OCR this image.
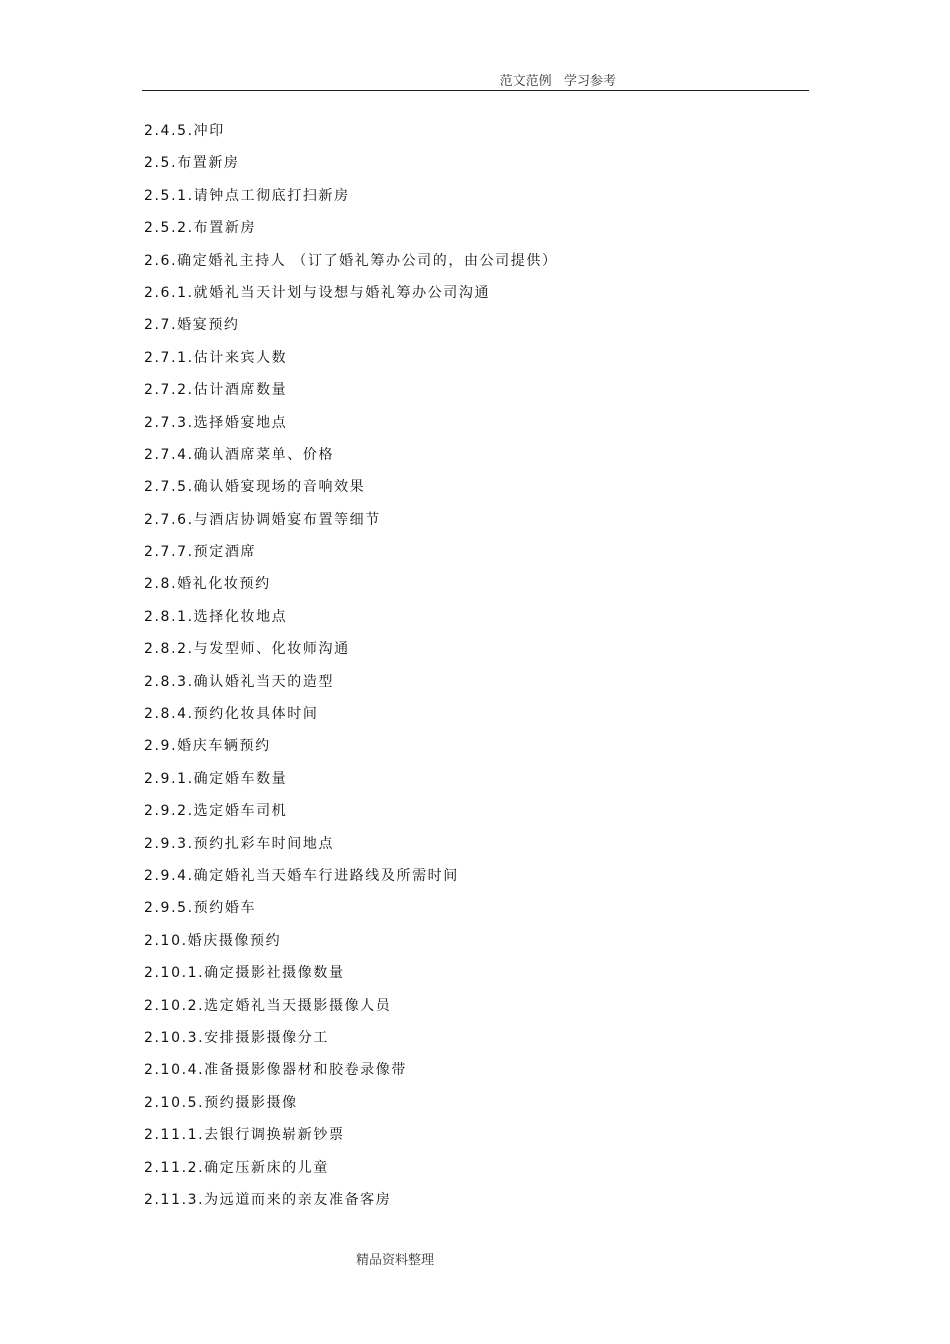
范文范例   学习参考
2.4.5.冲印
2.5.布置新房
2.5.1.请钟点工彻底打扫新房
2.5.2.布置新房
2.6.确定婚礼主持人 （订了婚礼筹办公司的，由公司提供）
2.6.1.就婚礼当天计划与设想与婚礼筹办公司沟通
2.7.婚宴预约
2.7.1.估计来宾人数
2.7.2.估计酒席数量
2.7.3.选择婚宴地点
2.7.4.确认酒席菜单、价格
2.7.5.确认婚宴现场的音响效果
2.7.6.与酒店协调婚宴布置等细节
2.7.7.预定酒席
2.8.婚礼化妆预约
2.8.1.选择化妆地点
2.8.2.与发型师、化妆师沟通
2.8.3.确认婚礼当天的造型
2.8.4.预约化妆具体时间
2.9.婚庆车辆预约
2.9.1.确定婚车数量
2.9.2.选定婚车司机
2.9.3.预约扎彩车时间地点
2.9.4.确定婚礼当天婚车行进路线及所需时间
2.9.5.预约婚车
2.10.婚庆摄像预约
2.10.1.确定摄影社摄像数量
2.10.2.选定婚礼当天摄影摄像人员
2.10.3.安排摄影摄像分工
2.10.4.准备摄影像器材和胶卷录像带
2.10.5.预约摄影摄像
2.11.1.去银行调换崭新钞票
2.11.2.确定压新床的儿童
2.11.3.为远道而来的亲友准备客房
精品资料整理
